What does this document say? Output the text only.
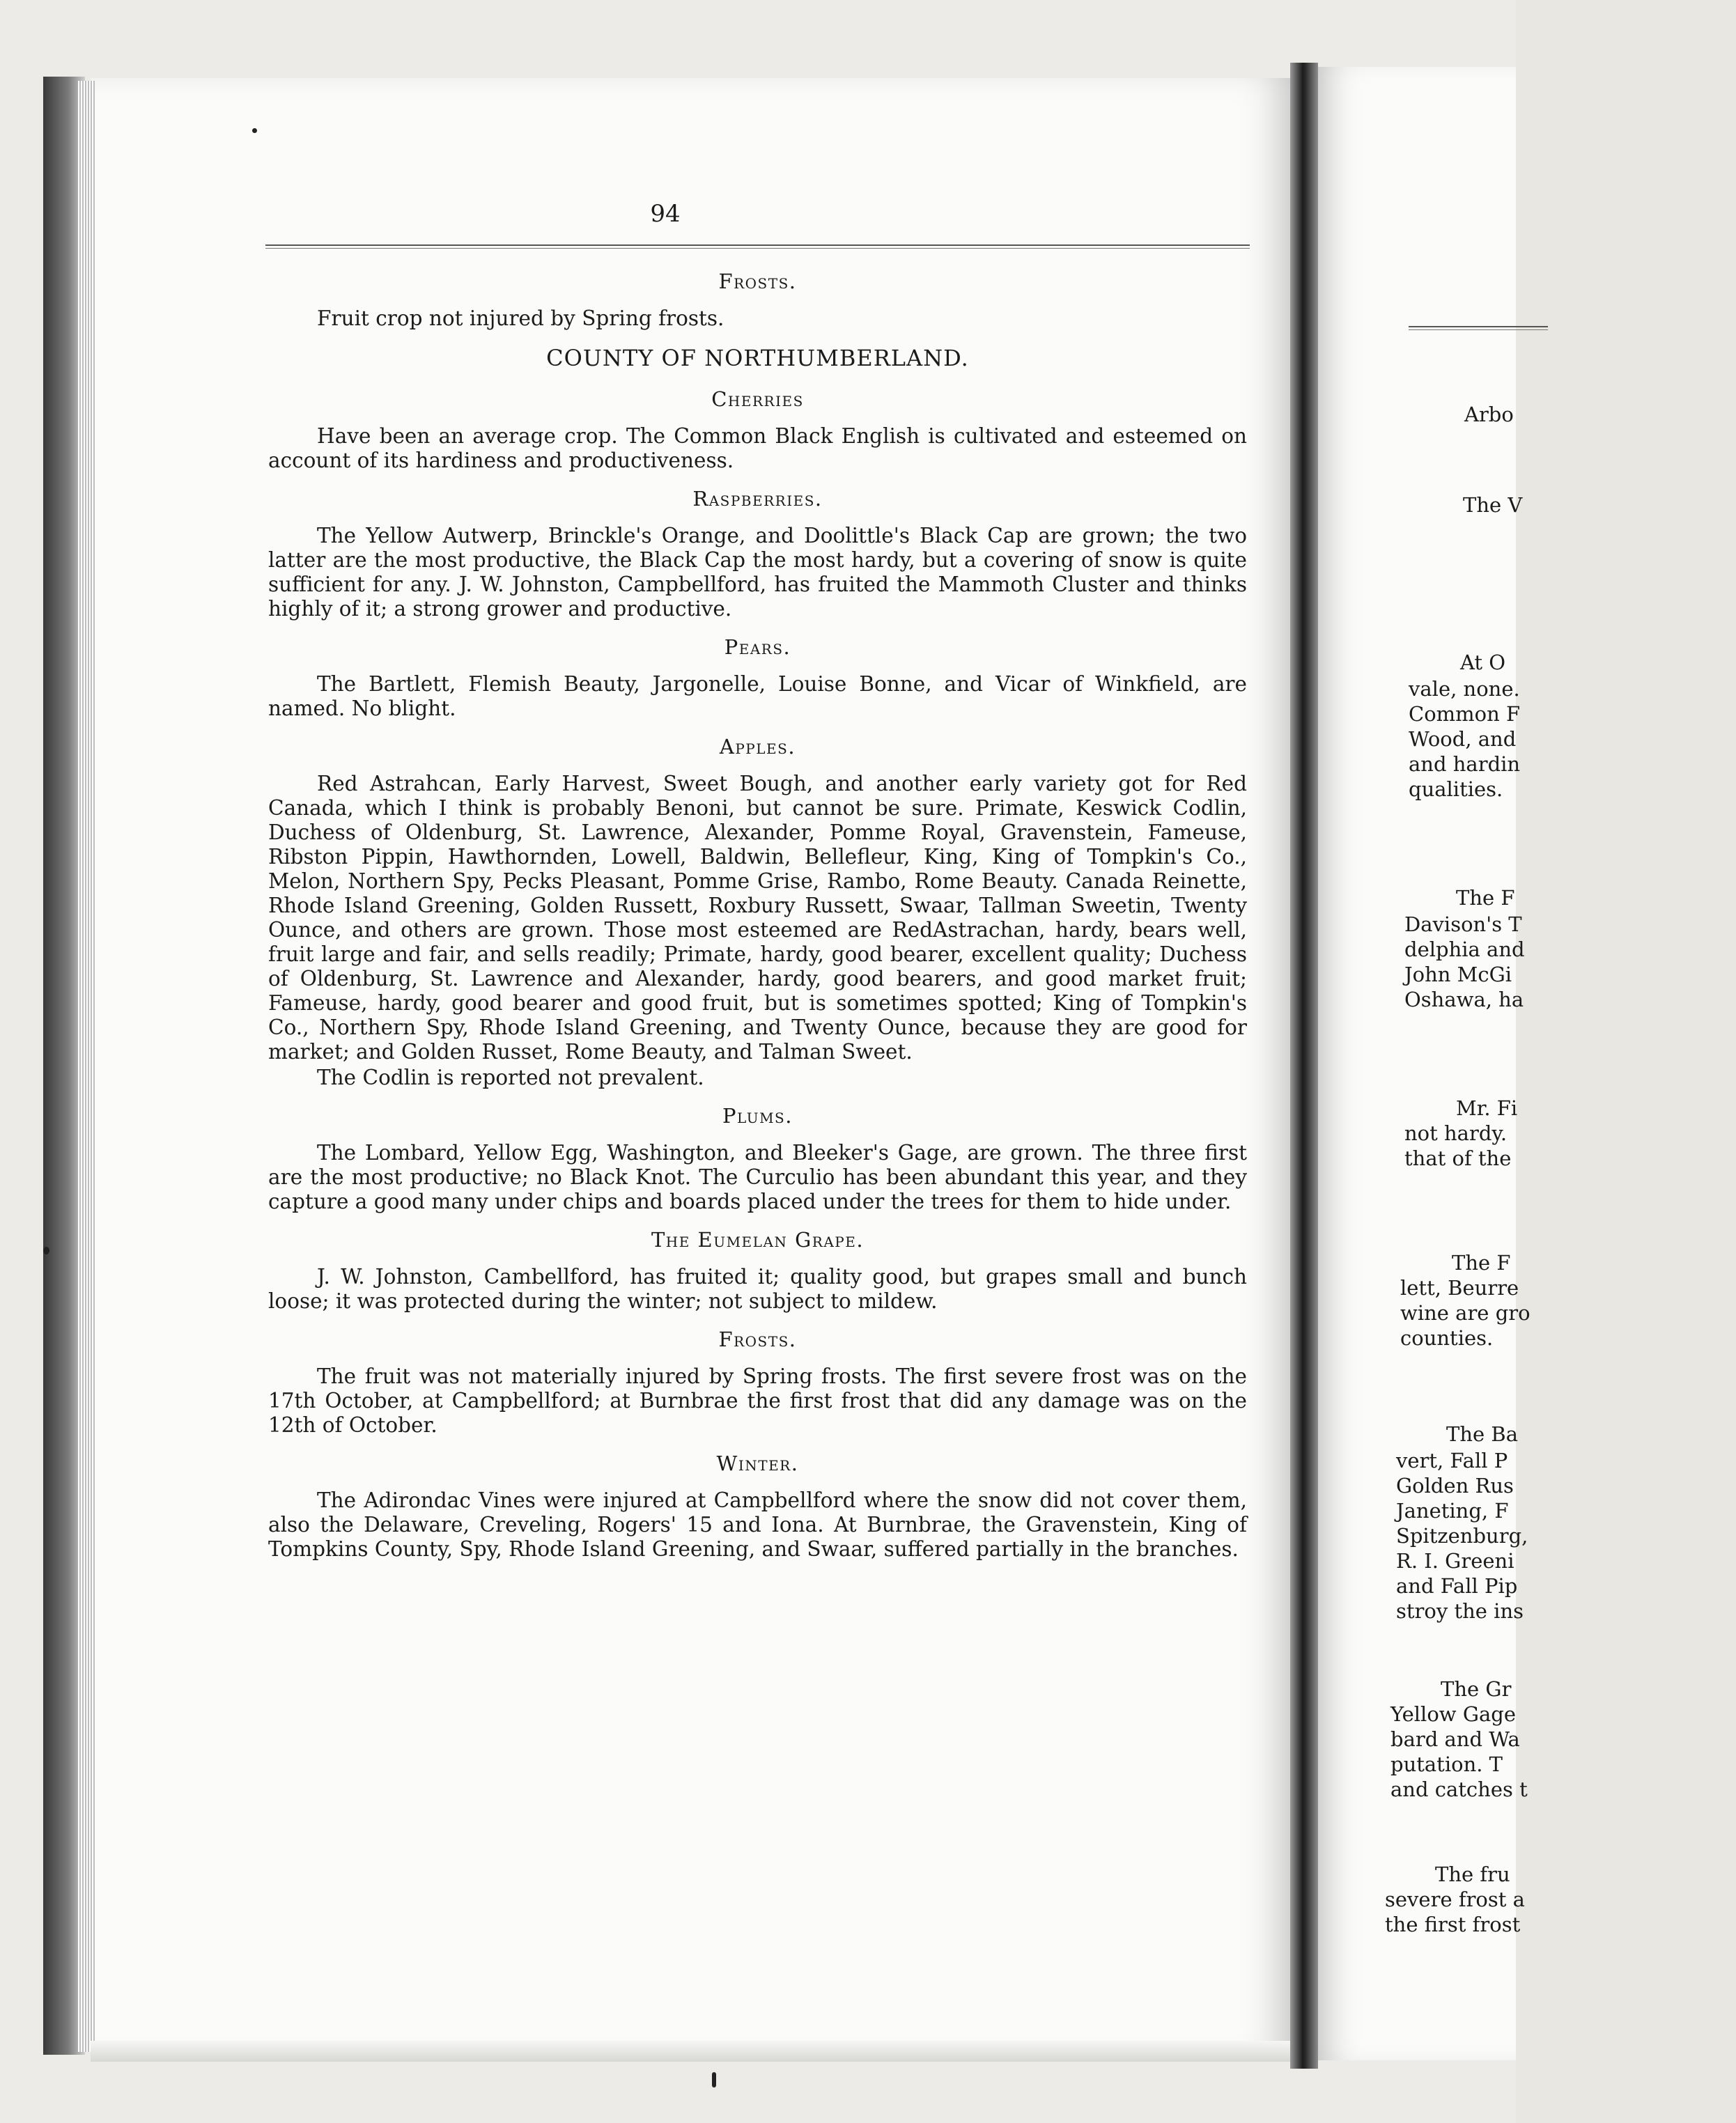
94
Frosts.

Fruit crop not injured by Spring frosts.

COUNTY OF NORTHUMBERLAND.
Cherries

Have been an average crop. The Common Black English is cultivated and esteemed on account of its hardiness and productiveness.

Raspberries.

The Yellow Autwerp, Brinckle's Orange, and Doolittle's Black Cap are grown; the two latter are the most productive, the Black Cap the most hardy, but a covering of snow is quite sufficient for any. J. W. Johnston, Campbellford, has fruited the Mammoth Cluster and thinks highly of it; a strong grower and productive.

Pears.

The Bartlett, Flemish Beauty, Jargonelle, Louise Bonne, and Vicar of Winkfield, are named. No blight.

Apples.

Red Astrahcan, Early Harvest, Sweet Bough, and another early variety got for Red Canada, which I think is probably Benoni, but cannot be sure. Primate, Keswick Codlin, Duchess of Oldenburg, St. Lawrence, Alexander, Pomme Royal, Gravenstein, Fameuse, Ribston Pippin, Hawthornden, Lowell, Baldwin, Bellefleur, King, King of Tompkin's Co., Melon, Northern Spy, Pecks Pleasant, Pomme Grise, Rambo, Rome Beauty. Canada Reinette, Rhode Island Greening, Golden Russett, Roxbury Russett, Swaar, Tallman Sweetin, Twenty Ounce, and others are grown. Those most esteemed are RedAstrachan, hardy, bears well, fruit large and fair, and sells readily; Primate, hardy, good bearer, excellent quality; Duchess of Oldenburg, St. Lawrence and Alexander, hardy, good bearers, and good market fruit; Fameuse, hardy, good bearer and good fruit, but is sometimes spotted; King of Tompkin's Co., Northern Spy, Rhode Island Greening, and Twenty Ounce, because they are good for market; and Golden Russet, Rome Beauty, and Talman Sweet.

The Codlin is reported not prevalent.

Plums.

The Lombard, Yellow Egg, Washington, and Bleeker's Gage, are grown. The three first are the most productive; no Black Knot. The Curculio has been abundant this year, and they capture a good many under chips and boards placed under the trees for them to hide under.

The Eumelan Grape.

J. W. Johnston, Cambellford, has fruited it; quality good, but grapes small and bunch loose; it was protected during the winter; not subject to mildew.

Frosts.

The fruit was not materially injured by Spring frosts. The first severe frost was on the 17th October, at Campbellford; at Burnbrae the first frost that did any damage was on the 12th of October.

Winter.

The Adirondac Vines were injured at Campbellford where the snow did not cover them, also the Delaware, Creveling, Rogers' 15 and Iona. At Burnbrae, the Gravenstein, King of Tompkins County, Spy, Rhode Island Greening, and Swaar, suffered partially in the branches.

Arbo
The V
At O
vale, none.
Common F
Wood, and
and hardin
qualities.
The F
Davison's T
delphia and
John McGi
Oshawa, ha
Mr. Fi
not hardy.
that of the
The F
lett, Beurre
wine are gro
counties.
The Ba
vert, Fall P
Golden Rus
Janeting, F
Spitzenburg,
R. I. Greeni
and Fall Pip
stroy the ins
The Gr
Yellow Gage
bard and Wa
putation. T
and catches t
The fru
severe frost a
the first frost
